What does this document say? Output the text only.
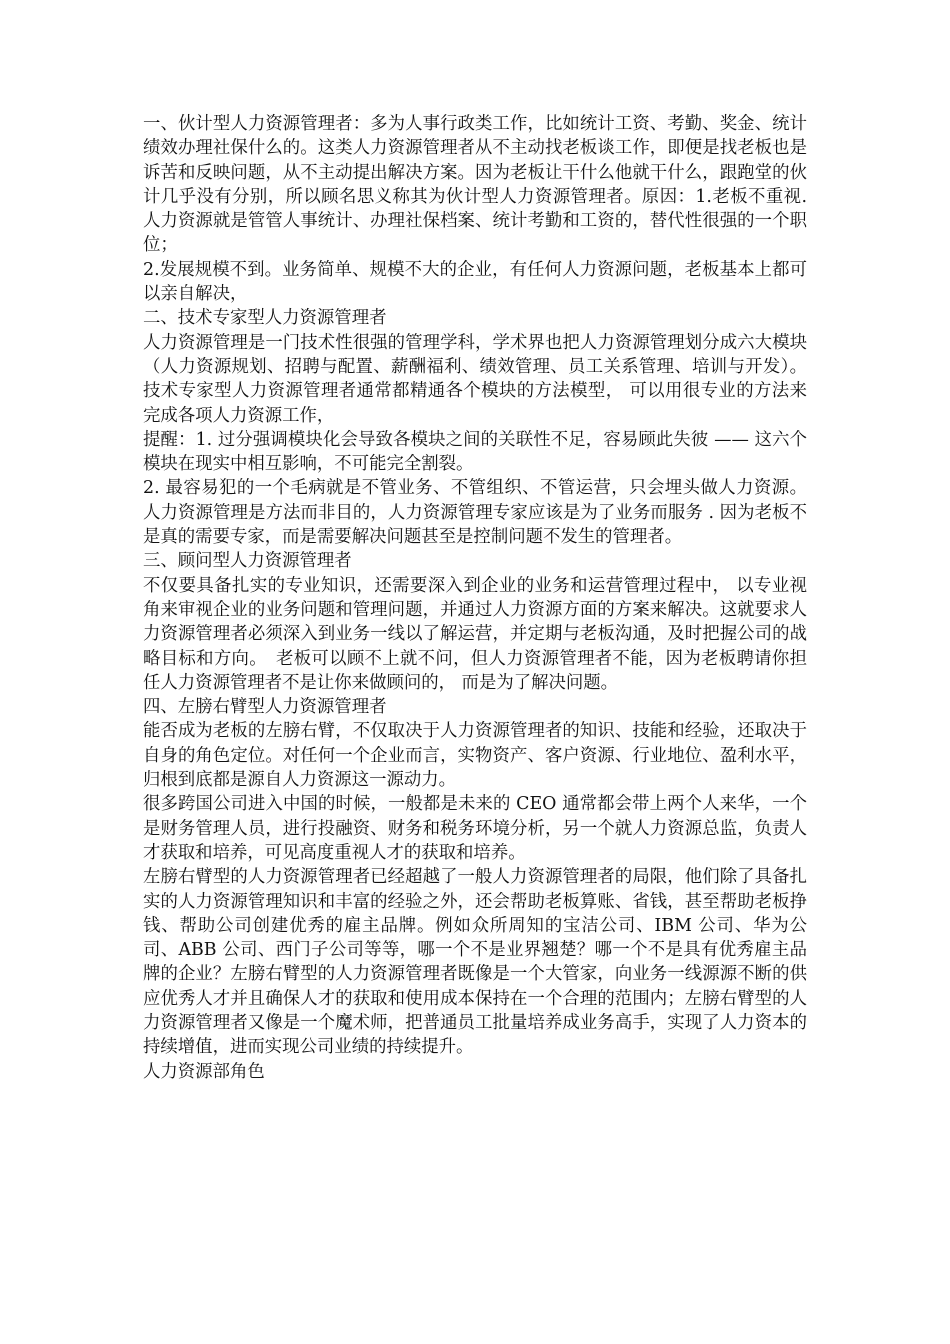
一、伙计型人力资源管理者：多为人事行政类工作，比如统计工资、考勤、奖金、统计绩效办理社保什么的。这类人力资源管理者从不主动找老板谈工作，即便是找老板也是诉苦和反映问题，从不主动提出解决方案。因为老板让干什么他就干什么，跟跑堂的伙计几乎没有分别，所以顾名思义称其为伙计型人力资源管理者。原因：1.老板不重视. 人力资源就是管管人事统计、办理社保档案、统计考勤和工资的，替代性很强的一个职位；

2.发展规模不到。业务简单、规模不大的企业，有任何人力资源问题，老板基本上都可以亲自解决，

二、技术专家型人力资源管理者

人力资源管理是一门技术性很强的管理学科，学术界也把人力资源管理划分成六大模块（人力资源规划、招聘与配置、薪酬福利、绩效管理、员工关系管理、培训与开发）。技术专家型人力资源管理者通常都精通各个模块的方法模型， 可以用很专业的方法来完成各项人力资源工作，

提醒：1. 过分强调模块化会导致各模块之间的关联性不足，容易顾此失彼 —— 这六个模块在现实中相互影响，不可能完全割裂。

2. 最容易犯的一个毛病就是不管业务、不管组织、不管运营，只会埋头做人力资源。人力资源管理是方法而非目的，人力资源管理专家应该是为了业务而服务 . 因为老板不是真的需要专家，而是需要解决问题甚至是控制问题不发生的管理者。

三、顾问型人力资源管理者

不仅要具备扎实的专业知识，还需要深入到企业的业务和运营管理过程中， 以专业视角来审视企业的业务问题和管理问题，并通过人力资源方面的方案来解决。这就要求人力资源管理者必须深入到业务一线以了解运营，并定期与老板沟通，及时把握公司的战略目标和方向。　老板可以顾不上就不问，但人力资源管理者不能，因为老板聘请你担任人力资源管理者不是让你来做顾问的， 而是为了解决问题。

四、左膀右臂型人力资源管理者

能否成为老板的左膀右臂，不仅取决于人力资源管理者的知识、技能和经验，还取决于自身的角色定位。对任何一个企业而言，实物资产、客户资源、行业地位、盈利水平，归根到底都是源自人力资源这一源动力。

很多跨国公司进入中国的时候，一般都是未来的 CEO 通常都会带上两个人来华，一个是财务管理人员，进行投融资、财务和税务环境分析，另一个就人力资源总监，负责人才获取和培养，可见高度重视人才的获取和培养。

左膀右臂型的人力资源管理者已经超越了一般人力资源管理者的局限，他们除了具备扎实的人力资源管理知识和丰富的经验之外，还会帮助老板算账、省钱，甚至帮助老板挣钱、帮助公司创建优秀的雇主品牌。例如众所周知的宝洁公司、IBM 公司、华为公司、ABB 公司、西门子公司等等，哪一个不是业界翘楚？哪一个不是具有优秀雇主品牌的企业？左膀右臂型的人力资源管理者既像是一个大管家，向业务一线源源不断的供应优秀人才并且确保人才的获取和使用成本保持在一个合理的范围内；左膀右臂型的人力资源管理者又像是一个魔术师，把普通员工批量培养成业务高手，实现了人力资本的持续增值，进而实现公司业绩的持续提升。

人力资源部角色
